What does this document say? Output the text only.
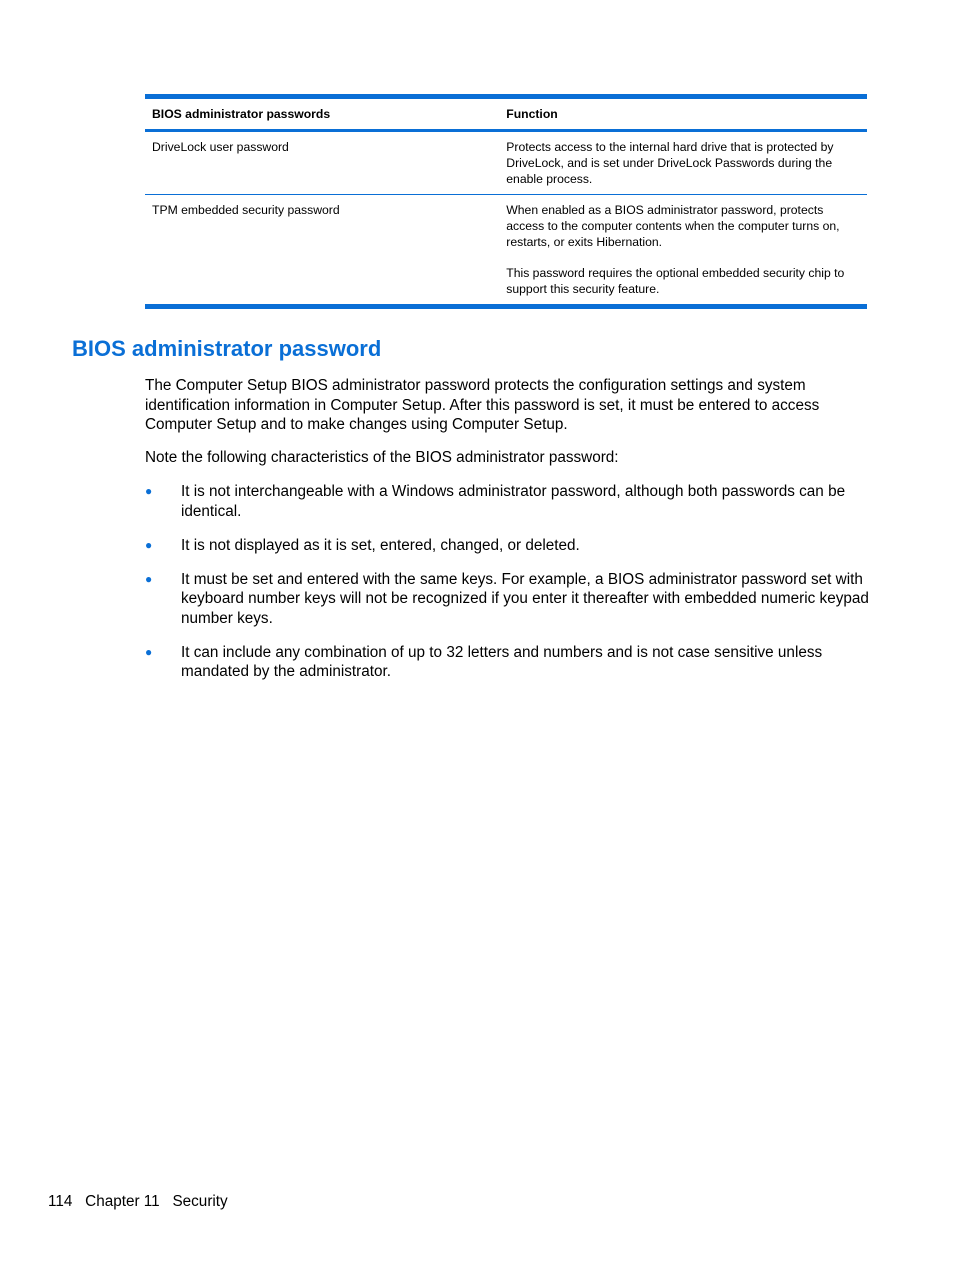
BIOS administrator passwords	Function
DriveLock user password	Protects access to the internal hard drive that is protected by DriveLock, and is set under DriveLock Passwords during the enable process.

TPM embedded security password	When enabled as a BIOS administrator password, protects access to the computer contents when the computer turns on, restarts, or exits Hibernation.

This password requires the optional embedded security chip to support this security feature.

BIOS administrator password

The Computer Setup BIOS administrator password protects the configuration settings and system identification information in Computer Setup. After this password is set, it must be entered to access Computer Setup and to make changes using Computer Setup.

Note the following characteristics of the BIOS administrator password:

● It is not interchangeable with a Windows administrator password, although both passwords can be identical.
● It is not displayed as it is set, entered, changed, or deleted.
● It must be set and entered with the same keys. For example, a BIOS administrator password set with keyboard number keys will not be recognized if you enter it thereafter with embedded numeric keypad number keys.
● It can include any combination of up to 32 letters and numbers and is not case sensitive unless mandated by the administrator.
114 Chapter 11 Security
